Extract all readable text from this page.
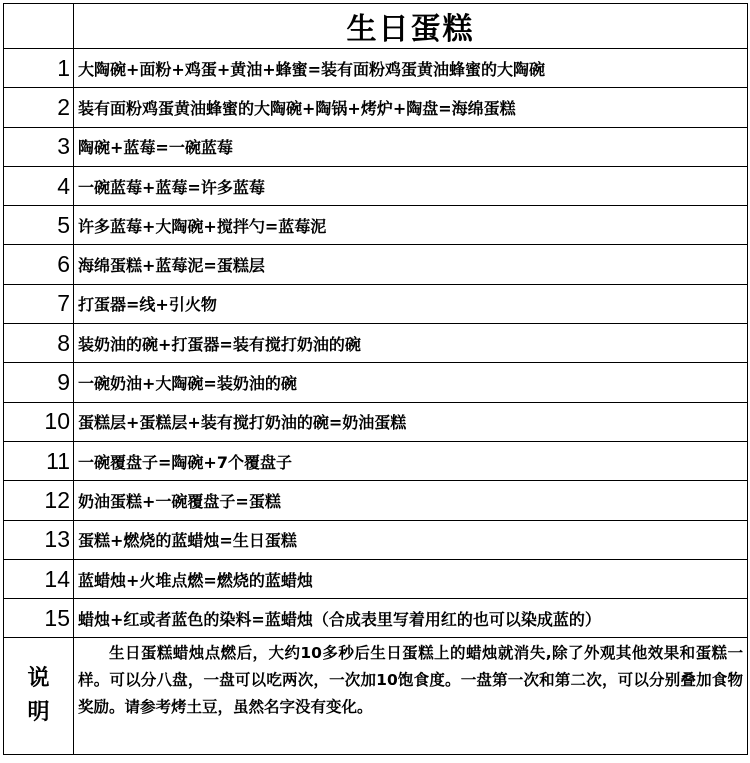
	生日蛋糕
1	大陶碗+面粉+鸡蛋+黄油+蜂蜜=装有面粉鸡蛋黄油蜂蜜的大陶碗
2	装有面粉鸡蛋黄油蜂蜜的大陶碗+陶锅+烤炉+陶盘=海绵蛋糕
3	陶碗+蓝莓=一碗蓝莓
4	一碗蓝莓+蓝莓=许多蓝莓
5	许多蓝莓+大陶碗+搅拌勺=蓝莓泥
6	海绵蛋糕+蓝莓泥=蛋糕层
7	打蛋器=线+引火物
8	装奶油的碗+打蛋器=装有搅打奶油的碗
9	一碗奶油+大陶碗=装奶油的碗
10	蛋糕层+蛋糕层+装有搅打奶油的碗=奶油蛋糕
11	一碗覆盘子=陶碗+7个覆盘子
12	奶油蛋糕+一碗覆盘子=蛋糕
13	蛋糕+燃烧的蓝蜡烛=生日蛋糕
14	蓝蜡烛+火堆点燃=燃烧的蓝蜡烛
15	蜡烛+红或者蓝色的染料=蓝蜡烛（合成表里写着用红的也可以染成蓝的）

说
明	生日蛋糕蜡烛点燃后，大约10多秒后生日蛋糕上的蜡烛就消失,除了外观其他效果和蛋糕一样。可以分八盘，一盘可以吃两次，一次加10饱食度。一盘第一次和第二次，可以分别叠加食物奖励。请参考烤土豆，虽然名字没有变化。
